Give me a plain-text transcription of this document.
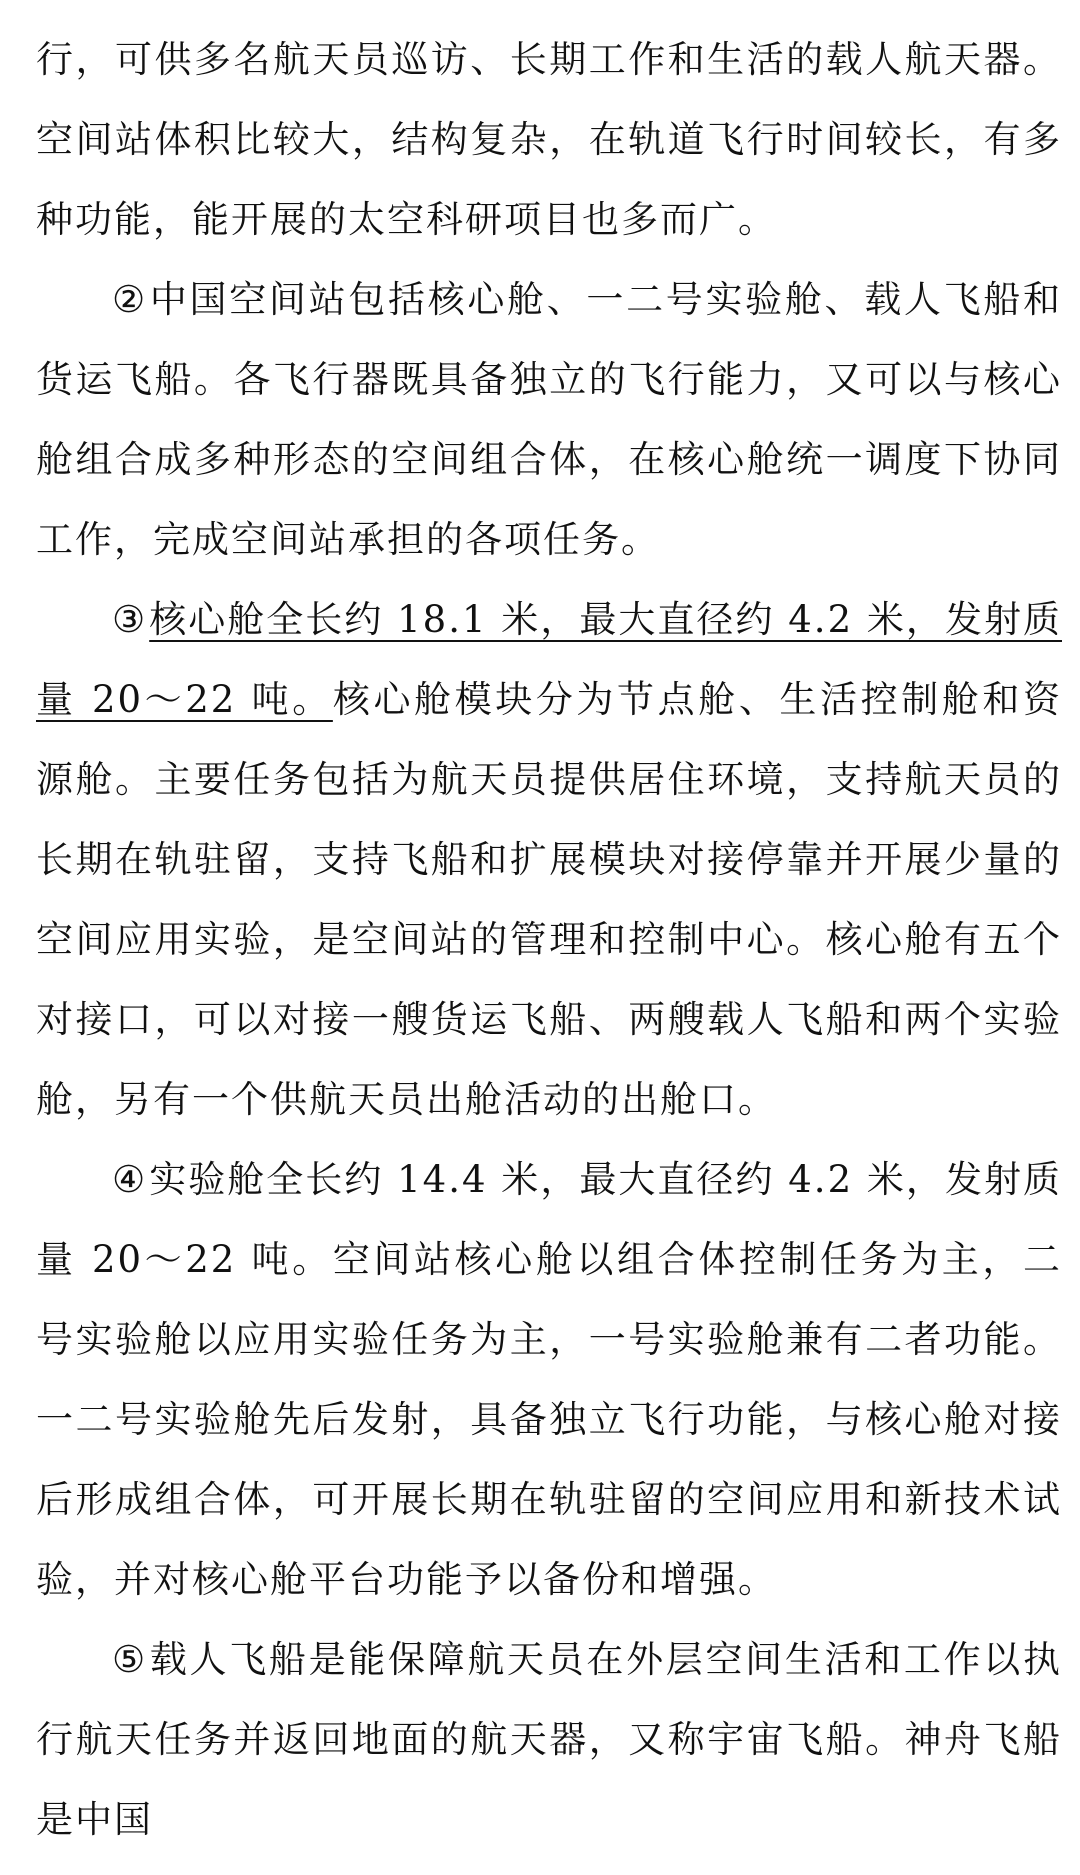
行，可供多名航天员巡访、长期工作和生活的载人航天器。空间站体积比较大，结构复杂，在轨道飞行时间较长，有多种功能，能开展的太空科研项目也多而广。

②中国空间站包括核心舱、一二号实验舱、载人飞船和货运飞船。各飞行器既具备独立的飞行能力，又可以与核心舱组合成多种形态的空间组合体，在核心舱统一调度下协同工作，完成空间站承担的各项任务。

③核心舱全长约 18.1 米，最大直径约 4.2 米，发射质量 20～22 吨。核心舱模块分为节点舱、生活控制舱和资源舱。主要任务包括为航天员提供居住环境，支持航天员的长期在轨驻留，支持飞船和扩展模块对接停靠并开展少量的空间应用实验，是空间站的管理和控制中心。核心舱有五个对接口，可以对接一艘货运飞船、两艘载人飞船和两个实验舱，另有一个供航天员出舱活动的出舱口。

④实验舱全长约 14.4 米，最大直径约 4.2 米，发射质量 20～22 吨。空间站核心舱以组合体控制任务为主，二号实验舱以应用实验任务为主，一号实验舱兼有二者功能。一二号实验舱先后发射，具备独立飞行功能，与核心舱对接后形成组合体，可开展长期在轨驻留的空间应用和新技术试验，并对核心舱平台功能予以备份和增强。

⑤载人飞船是能保障航天员在外层空间生活和工作以执行航天任务并返回地面的航天器，又称宇宙飞船。神舟飞船是中国
